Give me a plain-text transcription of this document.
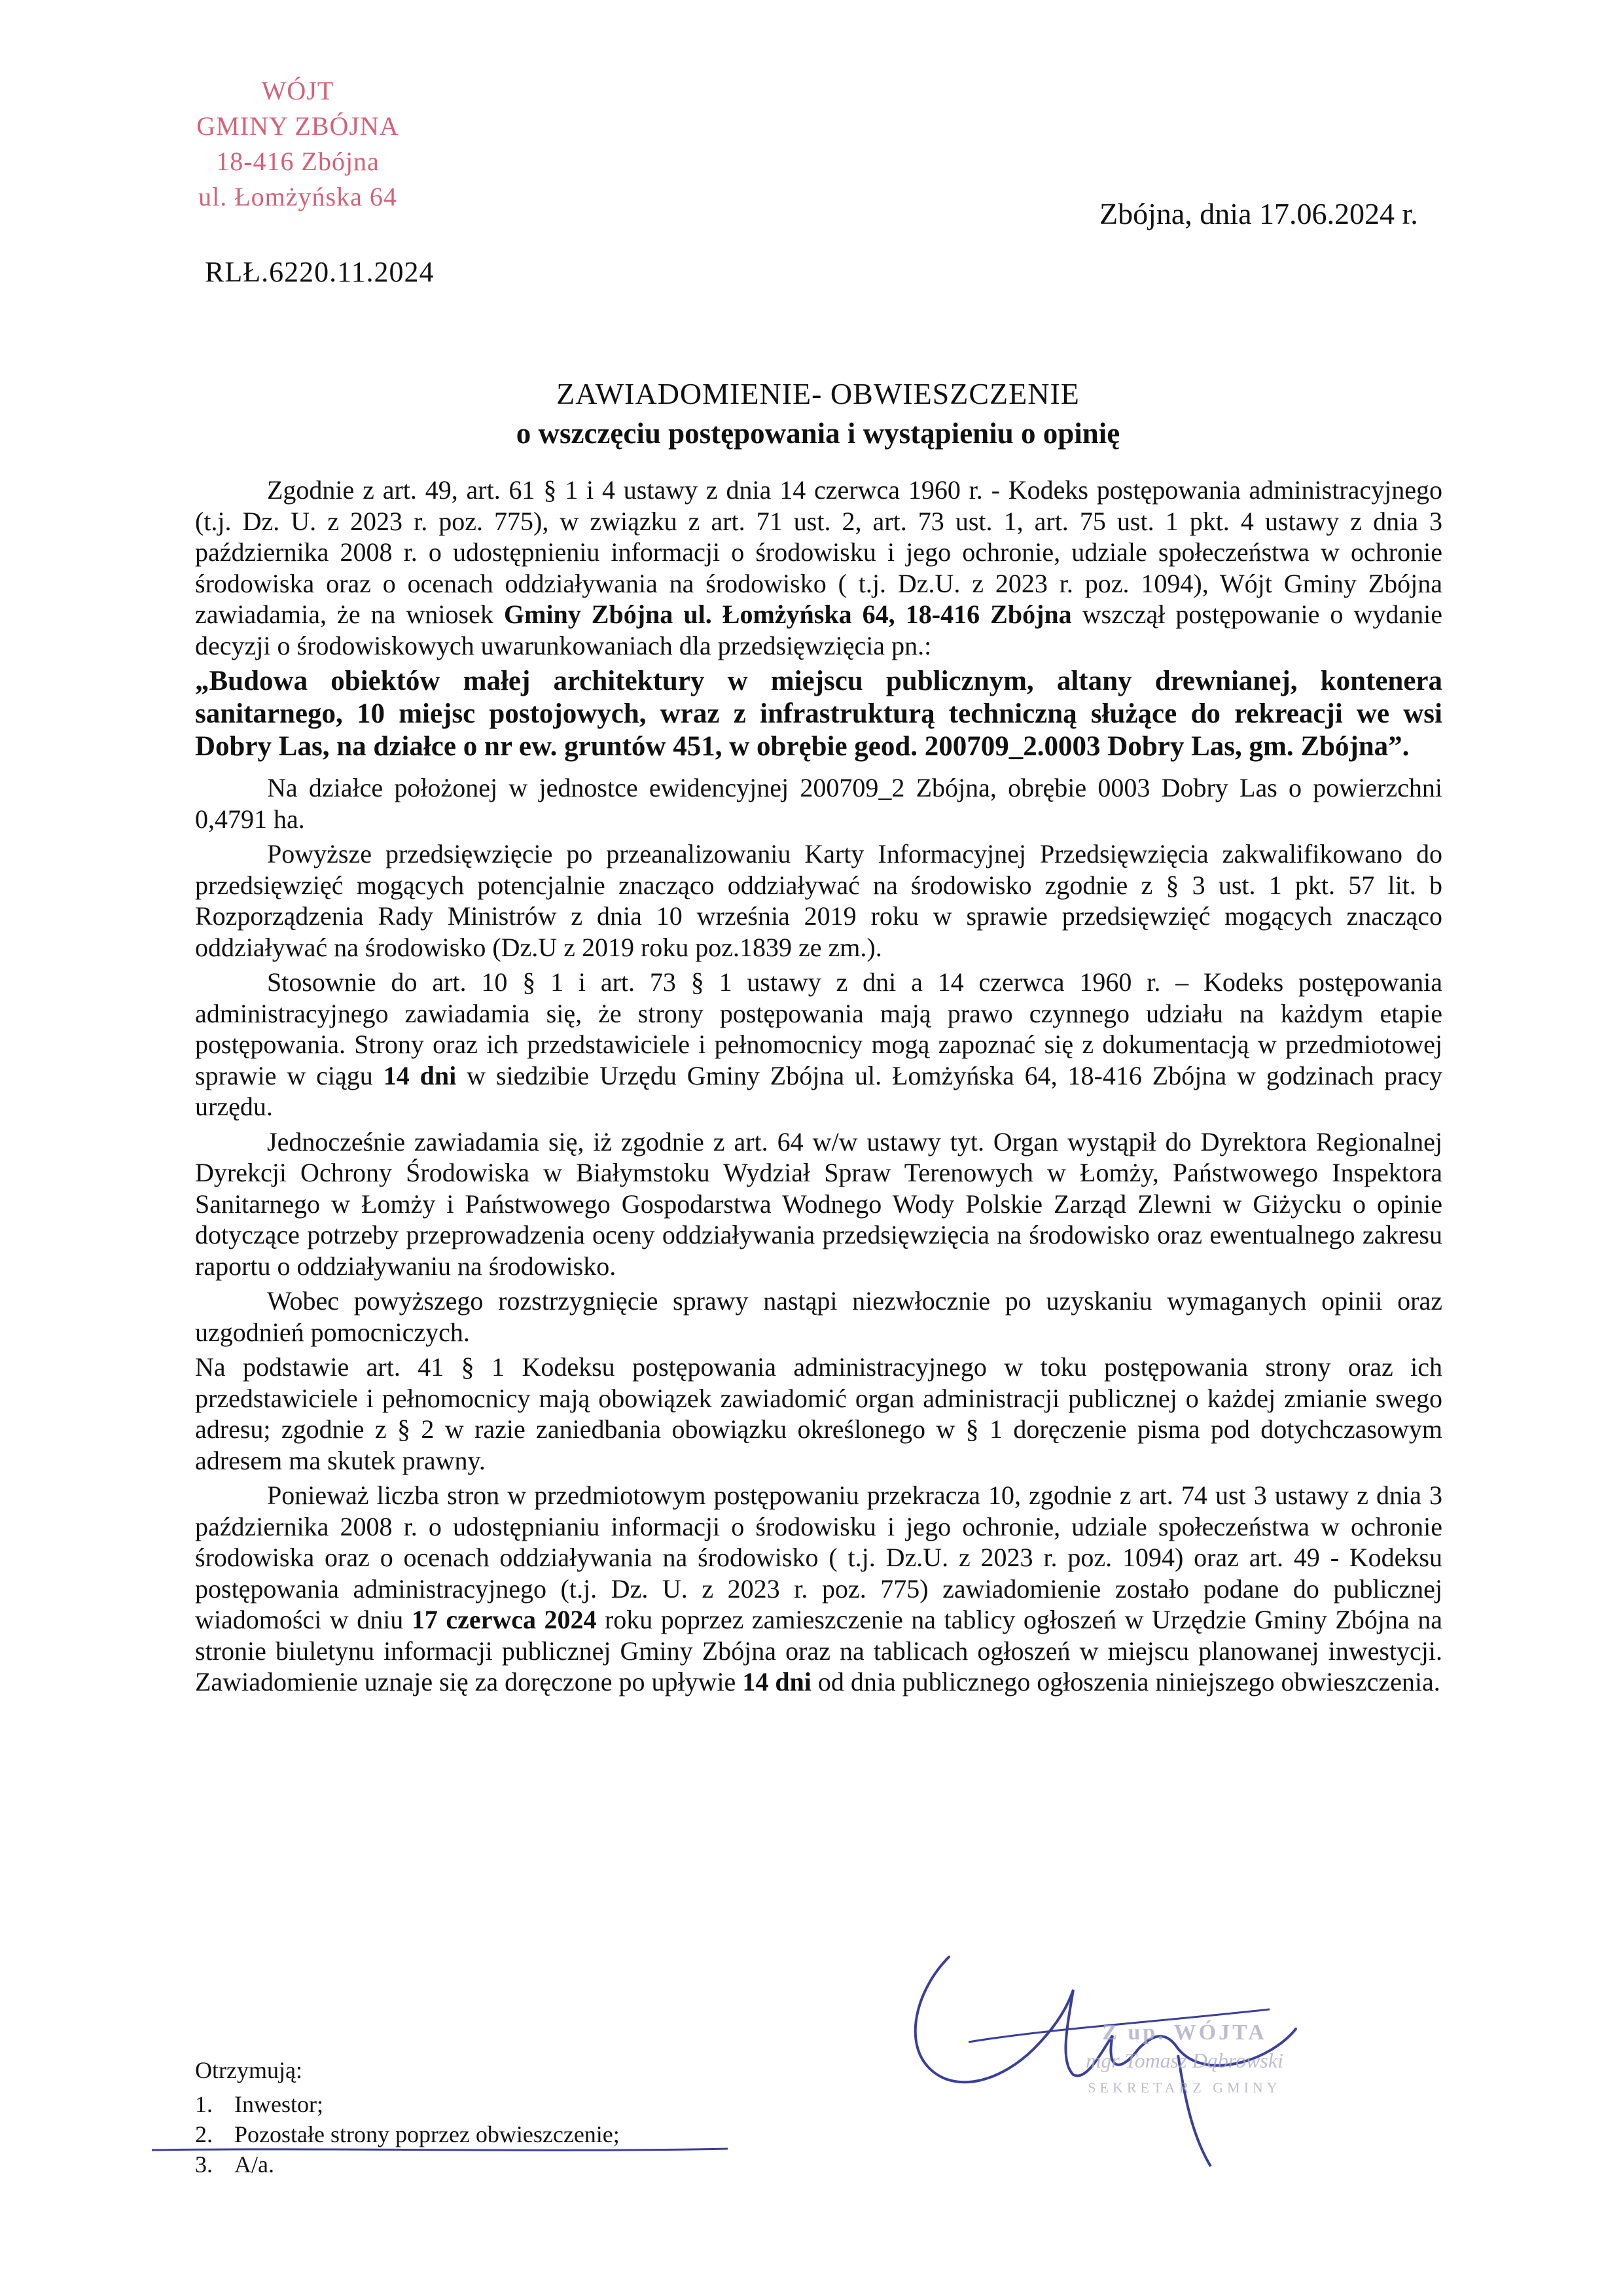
WÓJT
GMINY ZBÓJNA
18-416 Zbójna
ul. Łomżyńska 64
Zbójna, dnia 17.06.2024 r.
RLŁ.6220.11.2024
ZAWIADOMIENIE- OBWIESZCZENIE
o wszczęciu postępowania i wystąpieniu o opinię

Zgodnie z art. 49, art. 61 § 1 i 4 ustawy z dnia 14 czerwca 1960 r. - Kodeks postępowania administracyjnego (t.j. Dz. U. z 2023 r. poz. 775), w związku z art. 71 ust. 2, art. 73 ust. 1, art. 75 ust. 1 pkt. 4 ustawy z dnia 3 października 2008 r. o udostępnieniu informacji o środowisku i jego ochronie, udziale społeczeństwa w ochronie środowiska oraz o ocenach oddziaływania na środowisko ( t.j. Dz.U. z 2023 r. poz. 1094), Wójt Gminy Zbójna zawiadamia, że na wniosek Gminy Zbójna ul. Łomżyńska 64, 18-416 Zbójna wszczął postępowanie o wydanie decyzji o środowiskowych uwarunkowaniach dla przedsięwzięcia pn.:

„Budowa obiektów małej architektury w miejscu publicznym, altany drewnianej, kontenera sanitarnego, 10 miejsc postojowych, wraz z infrastrukturą techniczną służące do rekreacji we wsi Dobry Las, na działce o nr ew. gruntów 451, w obrębie geod. 200709_2.0003 Dobry Las, gm. Zbójna”.

Na działce położonej w jednostce ewidencyjnej 200709_2 Zbójna, obrębie 0003 Dobry Las o powierzchni 0,4791 ha.

Powyższe przedsięwzięcie po przeanalizowaniu Karty Informacyjnej Przedsięwzięcia zakwalifikowano do przedsięwzięć mogących potencjalnie znacząco oddziaływać na środowisko zgodnie z § 3 ust. 1 pkt. 57 lit. b Rozporządzenia Rady Ministrów z dnia 10 września 2019 roku w sprawie przedsięwzięć mogących znacząco oddziaływać na środowisko (Dz.U z 2019 roku poz.1839 ze zm.).

Stosownie do art. 10 § 1 i art. 73 § 1 ustawy z dni a 14 czerwca 1960 r. – Kodeks postępowania administracyjnego zawiadamia się, że strony postępowania mają prawo czynnego udziału na każdym etapie postępowania. Strony oraz ich przedstawiciele i pełnomocnicy mogą zapoznać się z dokumentacją w przedmiotowej sprawie w ciągu 14 dni w siedzibie Urzędu Gminy Zbójna ul. Łomżyńska 64, 18-416 Zbójna w godzinach pracy urzędu.

Jednocześnie zawiadamia się, iż zgodnie z art. 64 w/w ustawy tyt. Organ wystąpił do Dyrektora Regionalnej Dyrekcji Ochrony Środowiska w Białymstoku Wydział Spraw Terenowych w Łomży, Państwowego Inspektora Sanitarnego w Łomży i Państwowego Gospodarstwa Wodnego Wody Polskie Zarząd Zlewni w Giżycku o opinie dotyczące potrzeby przeprowadzenia oceny oddziaływania przedsięwzięcia na środowisko oraz ewentualnego zakresu raportu o oddziaływaniu na środowisko.

Wobec powyższego rozstrzygnięcie sprawy nastąpi niezwłocznie po uzyskaniu wymaganych opinii oraz uzgodnień pomocniczych.

Na podstawie art. 41 § 1 Kodeksu postępowania administracyjnego w toku postępowania strony oraz ich przedstawiciele i pełnomocnicy mają obowiązek zawiadomić organ administracji publicznej o każdej zmianie swego adresu; zgodnie z § 2 w razie zaniedbania obowiązku określonego w § 1 doręczenie pisma pod dotychczasowym adresem ma skutek prawny.

Ponieważ liczba stron w przedmiotowym postępowaniu przekracza 10, zgodnie z art. 74 ust 3 ustawy z dnia 3 października 2008 r. o udostępnianiu informacji o środowisku i jego ochronie, udziale społeczeństwa w ochronie środowiska oraz o ocenach oddziaływania na środowisko ( t.j. Dz.U. z 2023 r. poz. 1094) oraz art. 49 - Kodeksu postępowania administracyjnego (t.j. Dz. U. z 2023 r. poz. 775) zawiadomienie zostało podane do publicznej wiadomości w dniu 17 czerwca 2024 roku poprzez zamieszczenie na tablicy ogłoszeń w Urzędzie Gminy Zbójna na stronie biuletynu informacji publicznej Gminy Zbójna oraz na tablicach ogłoszeń w miejscu planowanej inwestycji. Zawiadomienie uznaje się za doręczone po upływie 14 dni od dnia publicznego ogłoszenia niniejszego obwieszczenia.

Z up. WÓJTA
mgr Tomasz Dąbrowski
SEKRETARZ GMINY
Otrzymują:
1. Inwestor;
2. Pozostałe strony poprzez obwieszczenie;
3. A/a.
